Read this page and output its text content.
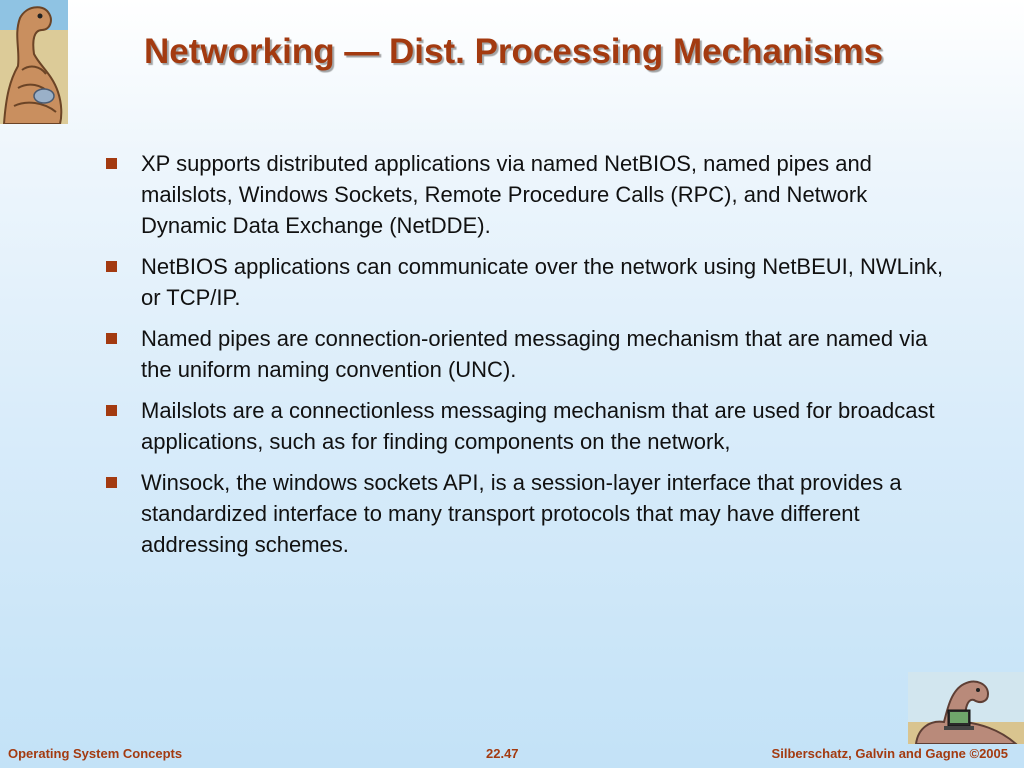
Networking — Dist. Processing Mechanisms
XP supports distributed applications via named NetBIOS, named pipes and mailslots, Windows Sockets, Remote Procedure Calls (RPC), and Network Dynamic Data Exchange (NetDDE).
NetBIOS applications can communicate over the network using NetBEUI, NWLink, or TCP/IP.
Named pipes are connection-oriented messaging mechanism that are named via the uniform naming convention (UNC).
Mailslots are a connectionless messaging mechanism that are used for broadcast applications, such as for finding components on the network,
Winsock, the windows sockets API, is a session-layer interface that provides a standardized interface to many transport protocols that may have different addressing schemes.
Operating System Concepts	22.47	Silberschatz, Galvin and Gagne ©2005
